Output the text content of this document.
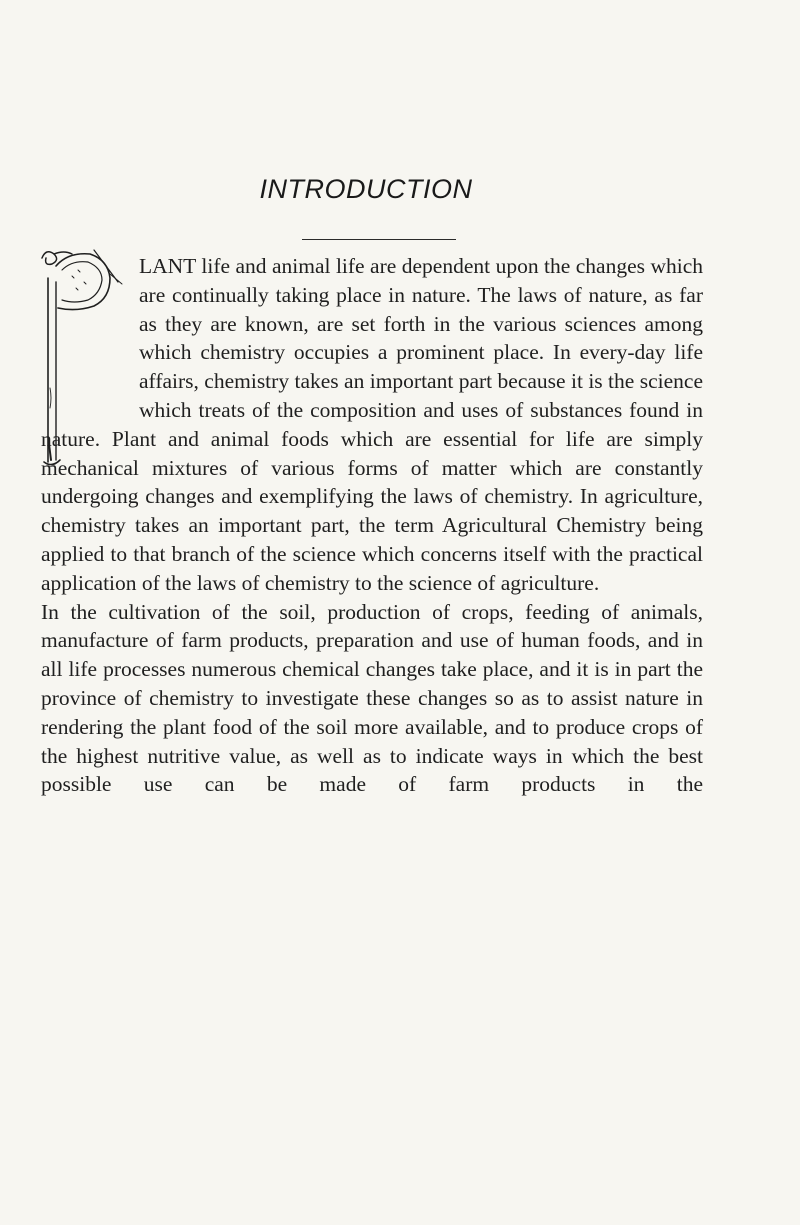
INTRODUCTION

LANT life and animal life are dependent upon the changes which are continually taking place in nature. The laws of nature, as far as they are known, are set forth in the various sciences among which chemistry occupies a prominent place. In every-day life affairs, chemistry takes an important part because it is the science which treats of the composition and uses of substances found in nature. Plant and animal foods which are essential for life are simply mechanical mixtures of various forms of matter which are constantly undergoing changes and exemplifying the laws of chemistry. In agriculture, chemistry takes an important part, the term Agricultural Chemistry being applied to that branch of the science which concerns itself with the practical application of the laws of chemistry to the science of agriculture.

In the cultivation of the soil, production of crops, feeding of animals, manufacture of farm products, preparation and use of human foods, and in all life processes numerous chemical changes take place, and it is in part the province of chemistry to investigate these changes so as to assist nature in rendering the plant food of the soil more available, and to produce crops of the highest nutritive value, as well as to indicate ways in which the best possible use can be made of farm products in the
